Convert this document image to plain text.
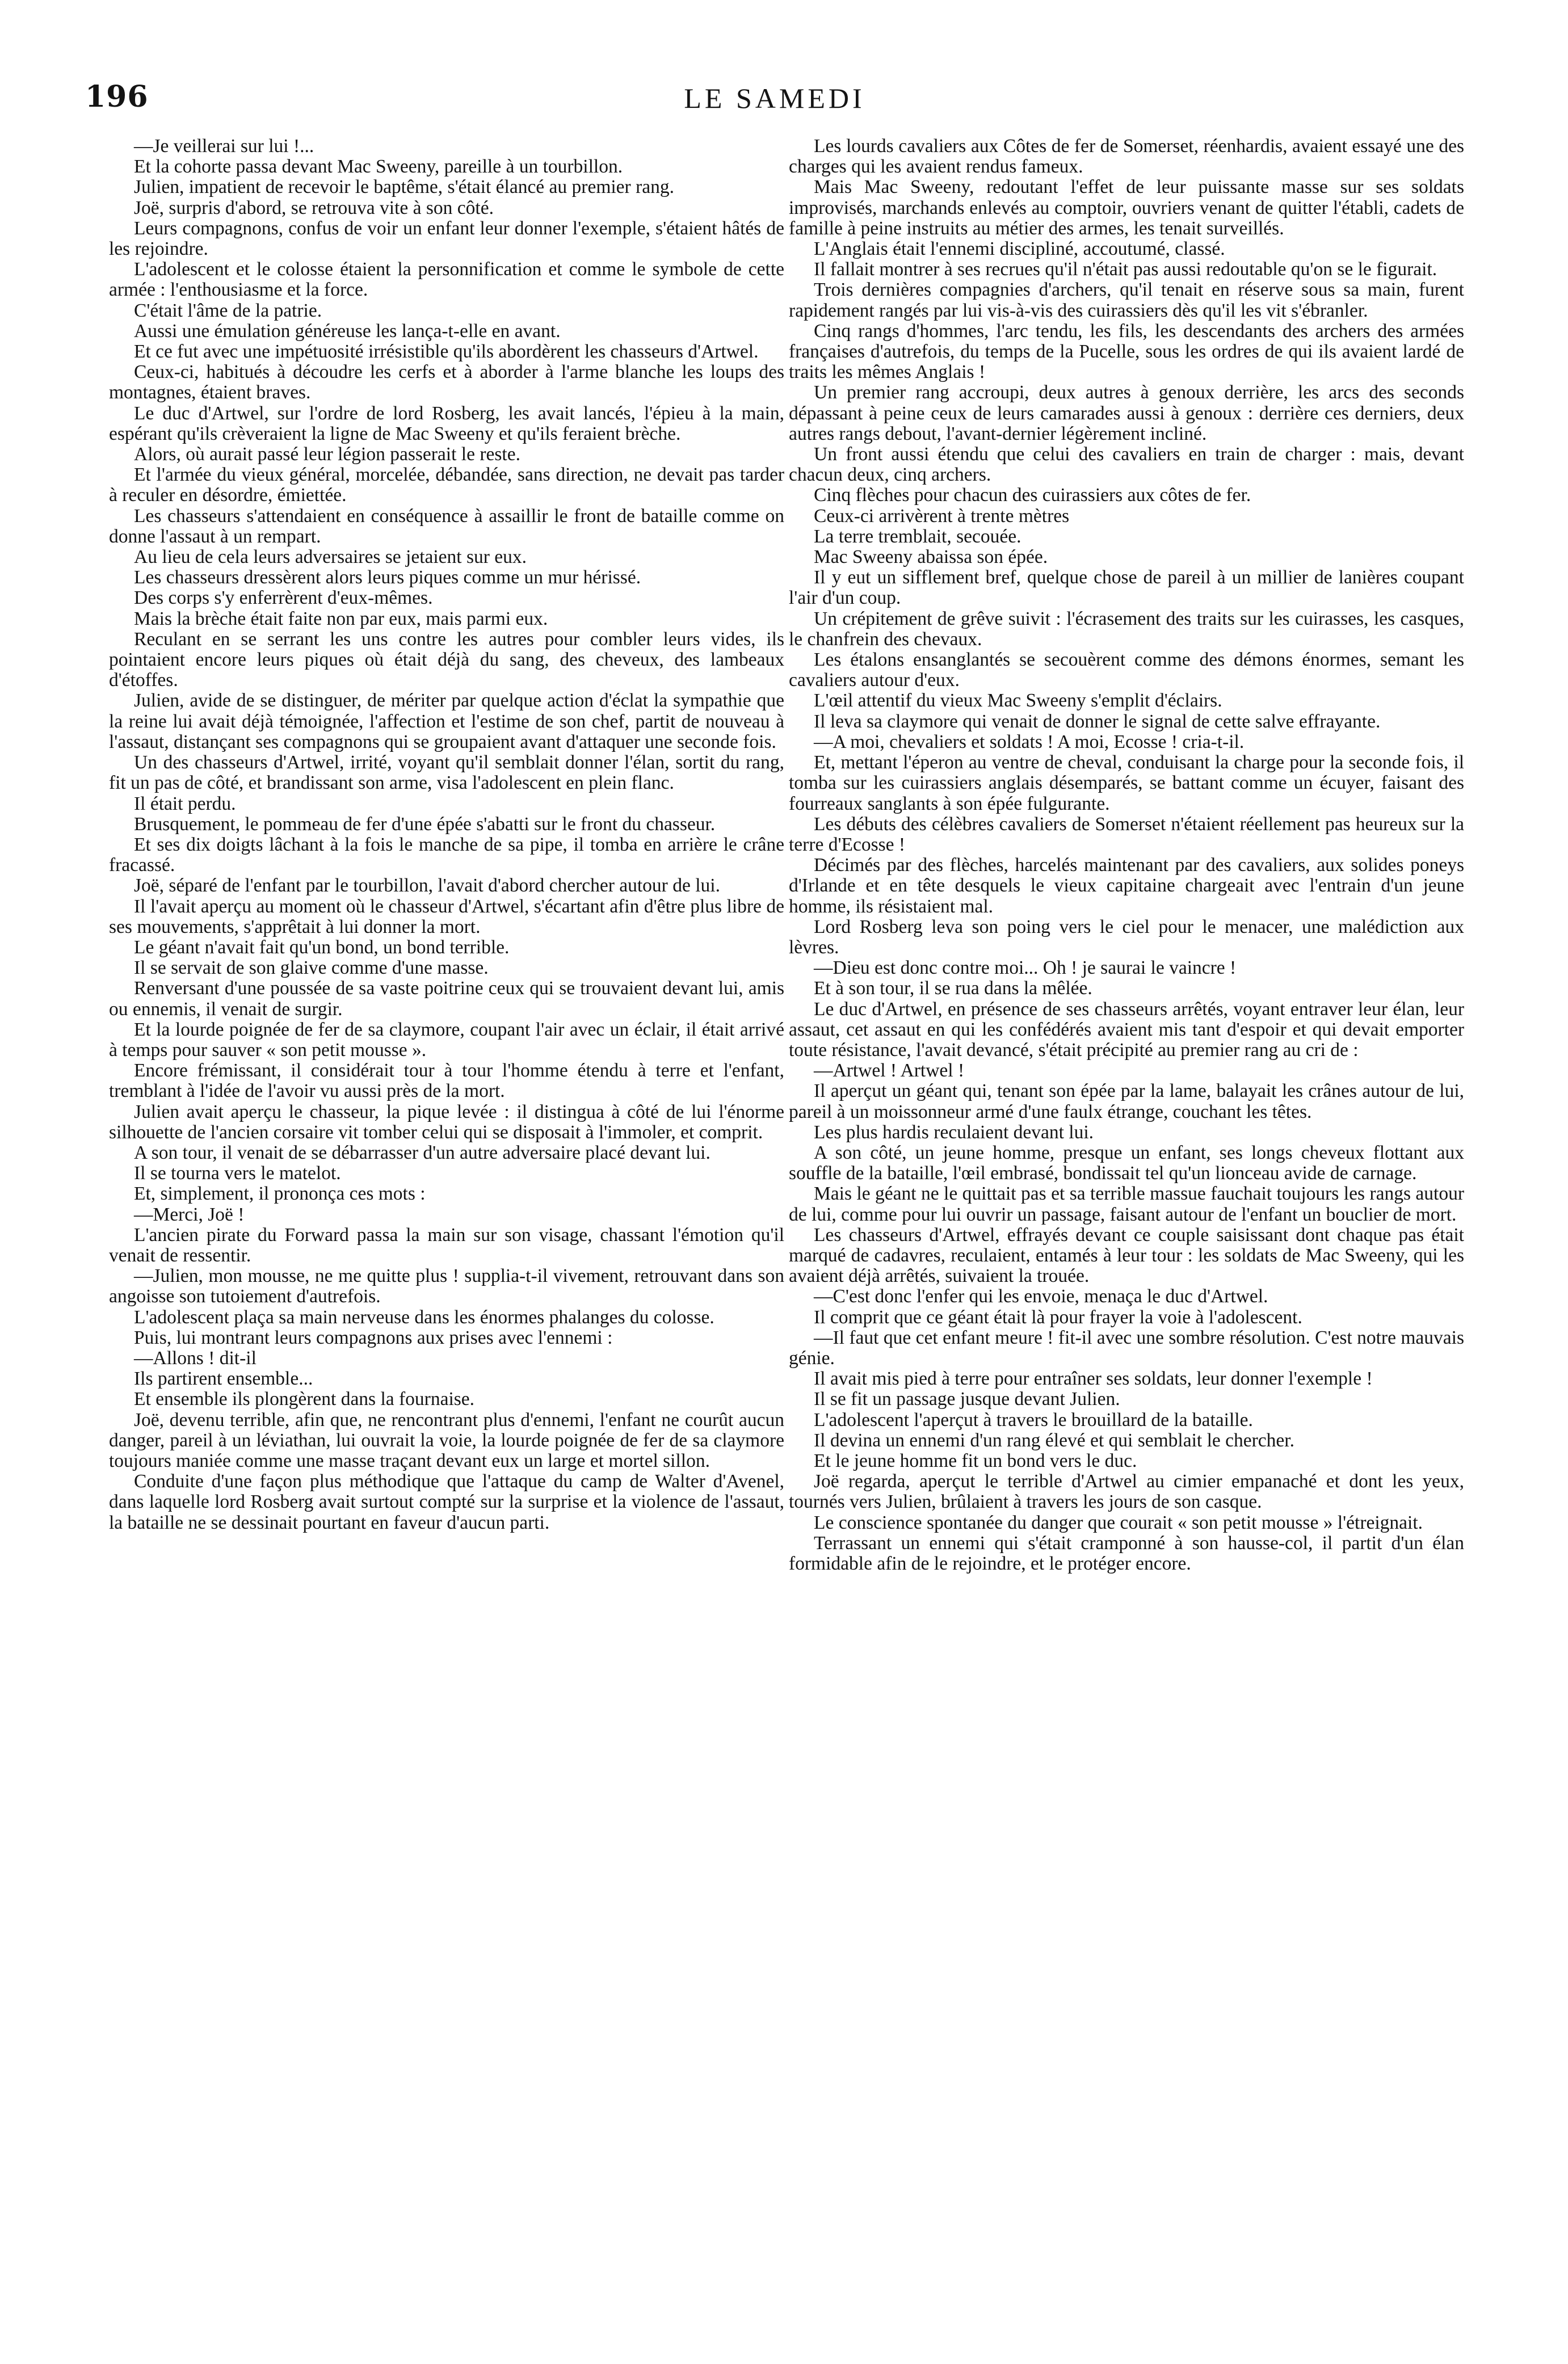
196	LE SAMEDI

—Je veillerai sur lui !...

Et la cohorte passa devant Mac Sweeny, pareille à un tourbillon.

Julien, impatient de recevoir le baptême, s'était élancé au premier rang.

Joë, surpris d'abord, se retrouva vite à son côté.

Leurs compagnons, confus de voir un enfant leur donner l'exemple, s'étaient hâtés de les rejoindre.

L'adolescent et le colosse étaient la personnification et comme le symbole de cette armée : l'enthousiasme et la force.

C'était l'âme de la patrie.

Aussi une émulation généreuse les lança-t-elle en avant.

Et ce fut avec une impétuosité irrésistible qu'ils abordèrent les chasseurs d'Artwel.

Ceux-ci, habitués à découdre les cerfs et à aborder à l'arme blanche les loups des montagnes, étaient braves.

Le duc d'Artwel, sur l'ordre de lord Rosberg, les avait lancés, l'épieu à la main, espérant qu'ils crèveraient la ligne de Mac Sweeny et qu'ils feraient brèche.

Alors, où aurait passé leur légion passerait le reste.

Et l'armée du vieux général, morcelée, débandée, sans direction, ne devait pas tarder à reculer en désordre, émiettée.

Les chasseurs s'attendaient en conséquence à assaillir le front de bataille comme on donne l'assaut à un rempart.

Au lieu de cela leurs adversaires se jetaient sur eux.

Les chasseurs dressèrent alors leurs piques comme un mur hérissé.

Des corps s'y enferrèrent d'eux-mêmes.

Mais la brèche était faite non par eux, mais parmi eux.

Reculant en se serrant les uns contre les autres pour combler leurs vides, ils pointaient encore leurs piques où était déjà du sang, des cheveux, des lambeaux d'étoffes.

Julien, avide de se distinguer, de mériter par quelque action d'éclat la sympathie que la reine lui avait déjà témoignée, l'affection et l'estime de son chef, partit de nouveau à l'assaut, distançant ses compagnons qui se groupaient avant d'attaquer une seconde fois.

Un des chasseurs d'Artwel, irrité, voyant qu'il semblait donner l'élan, sortit du rang, fit un pas de côté, et brandissant son arme, visa l'adolescent en plein flanc.

Il était perdu.

Brusquement, le pommeau de fer d'une épée s'abatti sur le front du chasseur.

Et ses dix doigts lâchant à la fois le manche de sa pipe, il tomba en arrière le crâne fracassé.

Joë, séparé de l'enfant par le tourbillon, l'avait d'abord chercher autour de lui.

Il l'avait aperçu au moment où le chasseur d'Artwel, s'écartant afin d'être plus libre de ses mouvements, s'apprêtait à lui donner la mort.

Le géant n'avait fait qu'un bond, un bond terrible.

Il se servait de son glaive comme d'une masse.

Renversant d'une poussée de sa vaste poitrine ceux qui se trouvaient devant lui, amis ou ennemis, il venait de surgir.

Et la lourde poignée de fer de sa claymore, coupant l'air avec un éclair, il était arrivé à temps pour sauver « son petit mousse ».

Encore frémissant, il considérait tour à tour l'homme étendu à terre et l'enfant, tremblant à l'idée de l'avoir vu aussi près de la mort.

Julien avait aperçu le chasseur, la pique levée : il distingua à côté de lui l'énorme silhouette de l'ancien corsaire vit tomber celui qui se disposait à l'immoler, et comprit.

A son tour, il venait de se débarrasser d'un autre adversaire placé devant lui.

Il se tourna vers le matelot.

Et, simplement, il prononça ces mots :

—Merci, Joë !

L'ancien pirate du Forward passa la main sur son visage, chassant l'émotion qu'il venait de ressentir.

—Julien, mon mousse, ne me quitte plus ! supplia-t-il vivement, retrouvant dans son angoisse son tutoiement d'autrefois.

L'adolescent plaça sa main nerveuse dans les énormes phalanges du colosse.

Puis, lui montrant leurs compagnons aux prises avec l'ennemi :

—Allons ! dit-il

Ils partirent ensemble...

Et ensemble ils plongèrent dans la fournaise.

Joë, devenu terrible, afin que, ne rencontrant plus d'ennemi, l'enfant ne courût aucun danger, pareil à un léviathan, lui ouvrait la voie, la lourde poignée de fer de sa claymore toujours maniée comme une masse traçant devant eux un large et mortel sillon.

Conduite d'une façon plus méthodique que l'attaque du camp de Walter d'Avenel, dans laquelle lord Rosberg avait surtout compté sur la surprise et la violence de l'assaut, la bataille ne se dessinait pourtant en faveur d'aucun parti.

Les lourds cavaliers aux Côtes de fer de Somerset, réenhardis, avaient essayé une des charges qui les avaient rendus fameux.

Mais Mac Sweeny, redoutant l'effet de leur puissante masse sur ses soldats improvisés, marchands enlevés au comptoir, ouvriers venant de quitter l'établi, cadets de famille à peine instruits au métier des armes, les tenait surveillés.

L'Anglais était l'ennemi discipliné, accoutumé, classé.

Il fallait montrer à ses recrues qu'il n'était pas aussi redoutable qu'on se le figurait.

Trois dernières compagnies d'archers, qu'il tenait en réserve sous sa main, furent rapidement rangés par lui vis-à-vis des cuirassiers dès qu'il les vit s'ébranler.

Cinq rangs d'hommes, l'arc tendu, les fils, les descendants des archers des armées françaises d'autrefois, du temps de la Pucelle, sous les ordres de qui ils avaient lardé de traits les mêmes Anglais !

Un premier rang accroupi, deux autres à genoux derrière, les arcs des seconds dépassant à peine ceux de leurs camarades aussi à genoux : derrière ces derniers, deux autres rangs debout, l'avant-dernier légèrement incliné.

Un front aussi étendu que celui des cavaliers en train de charger : mais, devant chacun deux, cinq archers.

Cinq flèches pour chacun des cuirassiers aux côtes de fer.

Ceux-ci arrivèrent à trente mètres

La terre tremblait, secouée.

Mac Sweeny abaissa son épée.

Il y eut un sifflement bref, quelque chose de pareil à un millier de lanières coupant l'air d'un coup.

Un crépitement de grêve suivit : l'écrasement des traits sur les cuirasses, les casques, le chanfrein des chevaux.

Les étalons ensanglantés se secouèrent comme des démons énormes, semant les cavaliers autour d'eux.

L'œil attentif du vieux Mac Sweeny s'emplit d'éclairs.

Il leva sa claymore qui venait de donner le signal de cette salve effrayante.

—A moi, chevaliers et soldats ! A moi, Ecosse ! cria-t-il.

Et, mettant l'éperon au ventre de cheval, conduisant la charge pour la seconde fois, il tomba sur les cuirassiers anglais désemparés, se battant comme un écuyer, faisant des fourreaux sanglants à son épée fulgurante.

Les débuts des célèbres cavaliers de Somerset n'étaient réellement pas heureux sur la terre d'Ecosse !

Décimés par des flèches, harcelés maintenant par des cavaliers, aux solides poneys d'Irlande et en tête desquels le vieux capitaine chargeait avec l'entrain d'un jeune homme, ils résistaient mal.

Lord Rosberg leva son poing vers le ciel pour le menacer, une malédiction aux lèvres.

—Dieu est donc contre moi... Oh ! je saurai le vaincre !

Et à son tour, il se rua dans la mêlée.

Le duc d'Artwel, en présence de ses chasseurs arrêtés, voyant entraver leur élan, leur assaut, cet assaut en qui les confédérés avaient mis tant d'espoir et qui devait emporter toute résistance, l'avait devancé, s'était précipité au premier rang au cri de :

—Artwel ! Artwel !

Il aperçut un géant qui, tenant son épée par la lame, balayait les crânes autour de lui, pareil à un moissonneur armé d'une faulx étrange, couchant les têtes.

Les plus hardis reculaient devant lui.

A son côté, un jeune homme, presque un enfant, ses longs cheveux flottant aux souffle de la bataille, l'œil embrasé, bondissait tel qu'un lionceau avide de carnage.

Mais le géant ne le quittait pas et sa terrible massue fauchait toujours les rangs autour de lui, comme pour lui ouvrir un passage, faisant autour de l'enfant un bouclier de mort.

Les chasseurs d'Artwel, effrayés devant ce couple saisissant dont chaque pas était marqué de cadavres, reculaient, entamés à leur tour : les soldats de Mac Sweeny, qui les avaient déjà arrêtés, suivaient la trouée.

—C'est donc l'enfer qui les envoie, menaça le duc d'Artwel.

Il comprit que ce géant était là pour frayer la voie à l'adolescent.

—Il faut que cet enfant meure ! fit-il avec une sombre résolution. C'est notre mauvais génie.

Il avait mis pied à terre pour entraîner ses soldats, leur donner l'exemple !

Il se fit un passage jusque devant Julien.

L'adolescent l'aperçut à travers le brouillard de la bataille.

Il devina un ennemi d'un rang élevé et qui semblait le chercher.

Et le jeune homme fit un bond vers le duc.

Joë regarda, aperçut le terrible d'Artwel au cimier empanaché et dont les yeux, tournés vers Julien, brûlaient à travers les jours de son casque.

Le conscience spontanée du danger que courait « son petit mousse » l'étreignait.

Terrassant un ennemi qui s'était cramponné à son hausse-col, il partit d'un élan formidable afin de le rejoindre, et le protéger encore.
